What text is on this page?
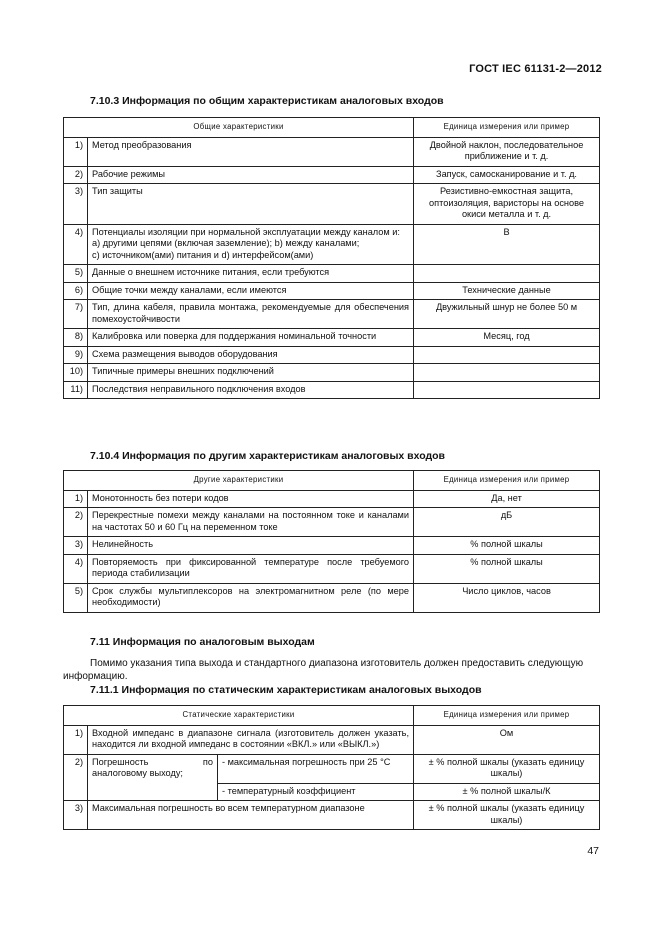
ГОСТ IEC 61131-2—2012
7.10.3 Информация по общим характеристикам аналоговых входов
Общие характеристики		Единица измерения или пример
1)	Метод преобразования	Двойной наклон, последовательное приближение и т. д.
2)	Рабочие режимы	Запуск, самосканирование и т. д.
3)	Тип защиты	Резистивно-емкостная защита, оптоизоляция, варисторы на основе окиси металла и т. д.
4)	Потенциалы изоляции при нормальной эксплуатации между каналом и:
а) другими цепями (включая заземление); b) между каналами;
с) источником(ами) питания и d) интерфейсом(ами)	В
5)	Данные о внешнем источнике питания, если требуются	
6)	Общие точки между каналами, если имеются	Технические данные
7)	Тип, длина кабеля, правила монтажа, рекомендуемые для обеспечения помехоустойчивости	Двужильный шнур не более 50 м
8)	Калибровка или поверка для поддержания номинальной точности	Месяц, год
9)	Схема размещения выводов оборудования	
10)	Типичные примеры внешних подключений	
11)	Последствия неправильного подключения входов	
7.10.4 Информация по другим характеристикам аналоговых входов
Другие характеристики		Единица измерения или пример
1)	Монотонность без потери кодов	Да, нет
2)	Перекрестные помехи между каналами на постоянном токе и каналами на частотах 50 и 60 Гц на переменном токе	дБ
3)	Нелинейность	% полной шкалы
4)	Повторяемость при фиксированной температуре после требуемого периода стабилизации	% полной шкалы
5)	Срок службы мультиплексоров на электромагнитном реле (по мере необходимости)	Число циклов, часов
7.11 Информация по аналоговым выходам
Помимо указания типа выхода и стандартного диапазона изготовитель должен предоставить следующую информацию.
7.11.1 Информация по статическим характеристикам аналоговых выходов
Статические характеристики			Единица измерения или пример
1)	Входной импеданс в диапазоне сигнала (изготовитель должен указать, находится ли входной импеданс в состоянии «ВКЛ.» или «ВЫКЛ.»)		Ом
2)	Погрешность по аналоговому выходу;	- максимальная погрешность при 25 °С	± % полной шкалы (указать единицу шкалы)
		- температурный коэффициент	± % полной шкалы/К
3)	Максимальная погрешность во всем температурном диапазоне		± % полной шкалы (указать единицу шкалы)
47
